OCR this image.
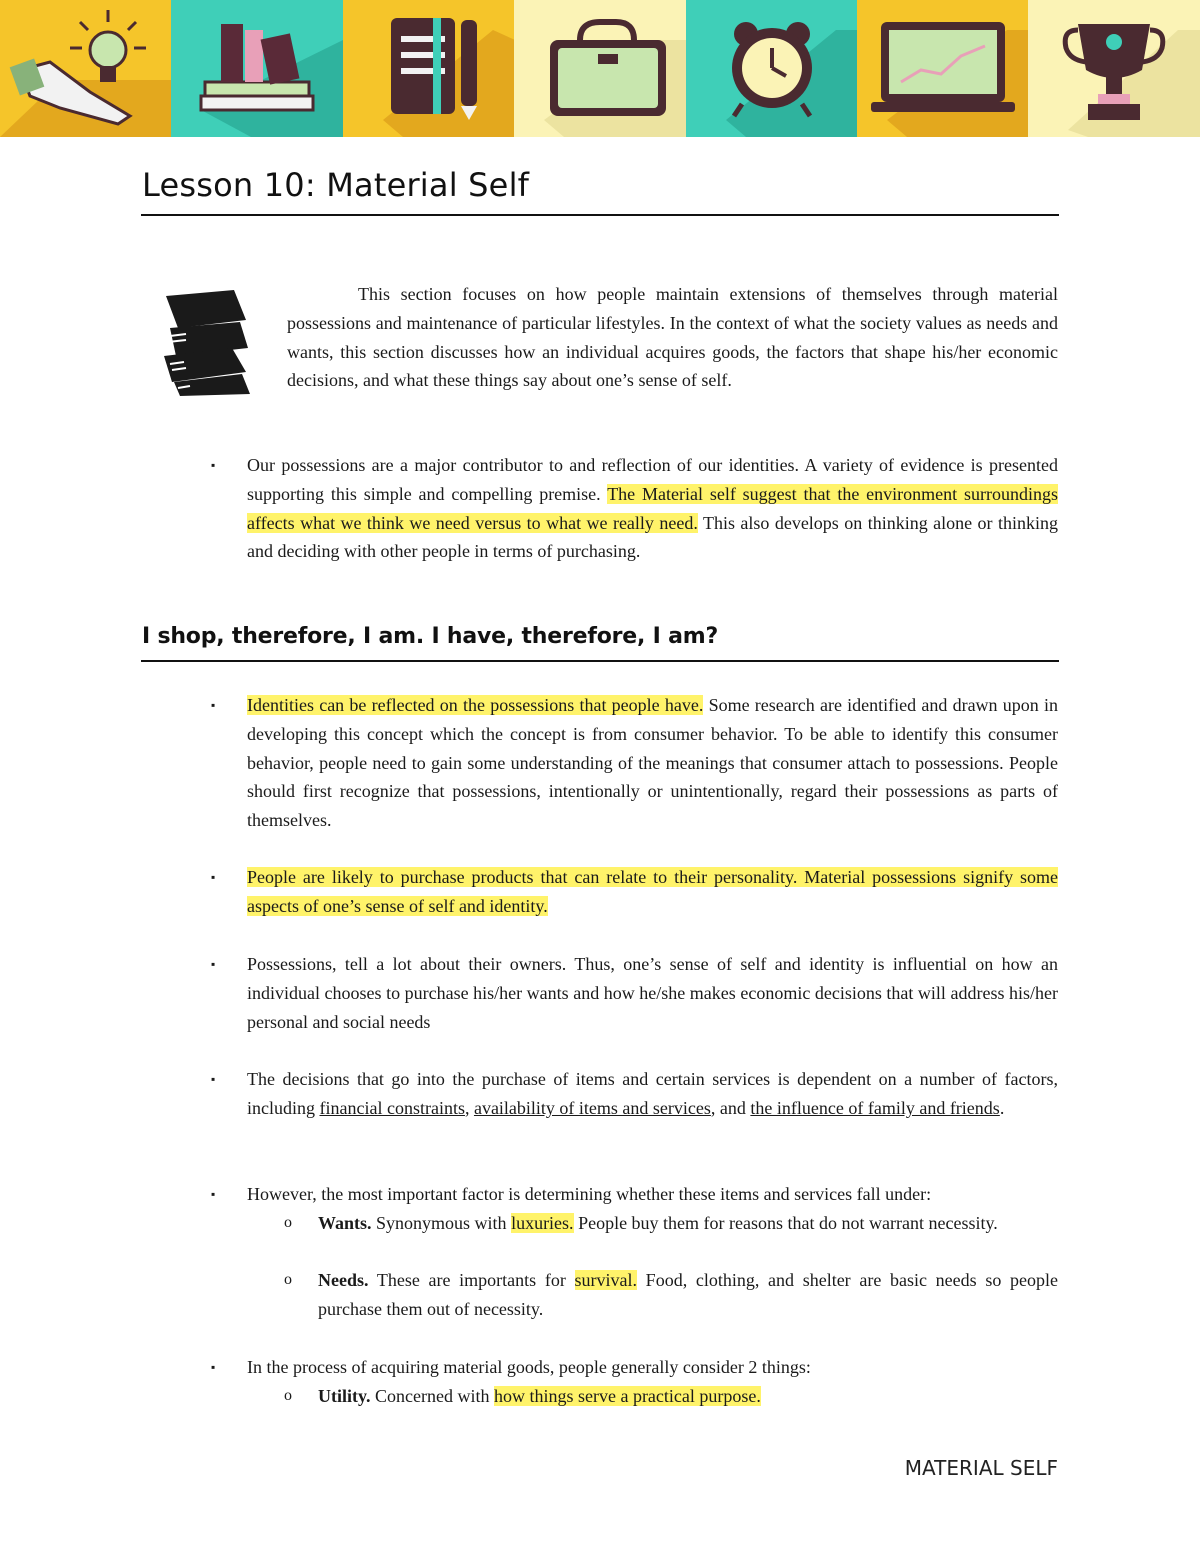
Lesson 10: Material Self

This section focuses on how people maintain extensions of themselves through material possessions and maintenance of particular lifestyles. In the context of what the society values as needs and wants, this section discusses how an individual acquires goods, the factors that shape his/her economic decisions, and what these things say about one’s sense of self.

▪ Our possessions are a major contributor to and reflection of our identities. A variety of evidence is presented supporting this simple and compelling premise. The Material self suggest that the environment surroundings affects what we think we need versus to what we really need. This also develops on thinking alone or thinking and deciding with other people in terms of purchasing.

I shop, therefore, I am. I have, therefore, I am?
▪ Identities can be reflected on the possessions that people have. Some research are identified and drawn upon in developing this concept which the concept is from consumer behavior. To be able to identify this consumer behavior, people need to gain some understanding of the meanings that consumer attach to possessions. People should first recognize that possessions, intentionally or unintentionally, regard their possessions as parts of themselves.

▪ People are likely to purchase products that can relate to their personality. Material possessions signify some aspects of one’s sense of self and identity.

▪ Possessions, tell a lot about their owners. Thus, one’s sense of self and identity is influential on how an individual chooses to purchase his/her wants and how he/she makes economic decisions that will address his/her personal and social needs

▪ The decisions that go into the purchase of items and certain services is dependent on a number of factors, including financial constraints, availability of items and services, and the influence of family and friends.

▪ However, the most important factor is determining whether these items and services fall under:

o Wants. Synonymous with luxuries. People buy them for reasons that do not warrant necessity.

o Needs. These are importants for survival. Food, clothing, and shelter are basic needs so people purchase them out of necessity.

▪ In the process of acquiring material goods, people generally consider 2 things:

o Utility. Concerned with how things serve a practical purpose.

MATERIAL SELF
